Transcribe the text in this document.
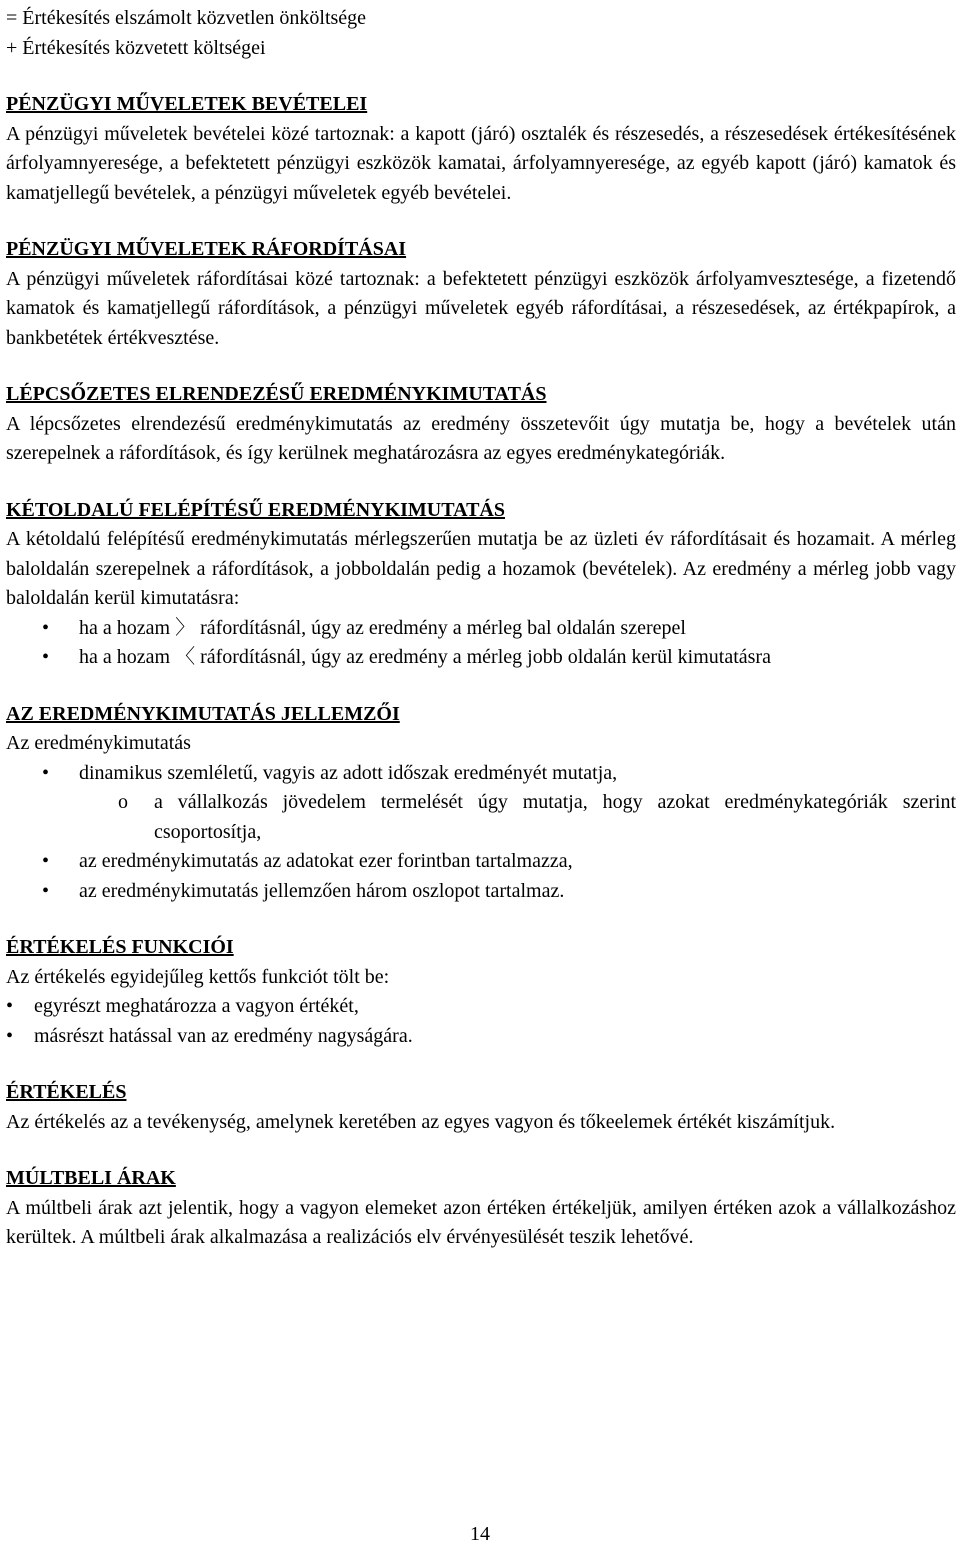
= Értékesítés elszámolt közvetlen önköltsége

+ Értékesítés közvetett költségei

PÉNZÜGYI MŰVELETEK BEVÉTELEI

A pénzügyi műveletek bevételei közé tartoznak: a kapott (járó) osztalék és részesedés, a részesedések értékesítésének árfolyamnyeresége, a befektetett pénzügyi eszközök kamatai, árfolyamnyeresége, az egyéb kapott (járó) kamatok és kamatjellegű bevételek, a pénzügyi műveletek egyéb bevételei.

PÉNZÜGYI MŰVELETEK RÁFORDÍTÁSAI

A pénzügyi műveletek ráfordításai közé tartoznak: a befektetett pénzügyi eszközök árfolyamvesztesége, a fizetendő kamatok és kamatjellegű ráfordítások, a pénzügyi műveletek egyéb ráfordításai, a részesedések, az értékpapírok, a bankbetétek értékvesztése.

LÉPCSŐZETES ELRENDEZÉSŰ EREDMÉNYKIMUTATÁS

A lépcsőzetes elrendezésű eredménykimutatás az eredmény összetevőit úgy mutatja be, hogy a bevételek után szerepelnek a ráfordítások, és így kerülnek meghatározásra az egyes eredménykategóriák.

KÉTOLDALÚ FELÉPÍTÉSŰ EREDMÉNYKIMUTATÁS

A kétoldalú felépítésű eredménykimutatás mérlegszerűen mutatja be az üzleti év ráfordításait és hozamait. A mérleg baloldalán szerepelnek a ráfordítások, a jobboldalán pedig a hozamok (bevételek). Az eredmény a mérleg jobb vagy baloldalán kerül kimutatásra:

• ha a hozam 〉 ráfordításnál, úgy az eredmény a mérleg bal oldalán szerepel
• ha a hozam 〈 ráfordításnál, úgy az eredmény a mérleg jobb oldalán kerül kimutatásra
AZ EREDMÉNYKIMUTATÁS JELLEMZŐI

Az eredménykimutatás

• dinamikus szemléletű, vagyis az adott időszak eredményét mutatja,
o a vállalkozás jövedelem termelését úgy mutatja, hogy azokat eredménykategóriák szerint csoportosítja,
• az eredménykimutatás az adatokat ezer forintban tartalmazza,
• az eredménykimutatás jellemzően három oszlopot tartalmaz.
ÉRTÉKELÉS FUNKCIÓI

Az értékelés egyidejűleg kettős funkciót tölt be:

• egyrészt meghatározza a vagyon értékét,
• másrészt hatással van az eredmény nagyságára.
ÉRTÉKELÉS

Az értékelés az a tevékenység, amelynek keretében az egyes vagyon és tőkeelemek értékét kiszámítjuk.

MÚLTBELI ÁRAK

A múltbeli árak azt jelentik, hogy a vagyon elemeket azon értéken értékeljük, amilyen értéken azok a vállalkozáshoz kerültek. A múltbeli árak alkalmazása a realizációs elv érvényesülését teszik lehetővé.

14
